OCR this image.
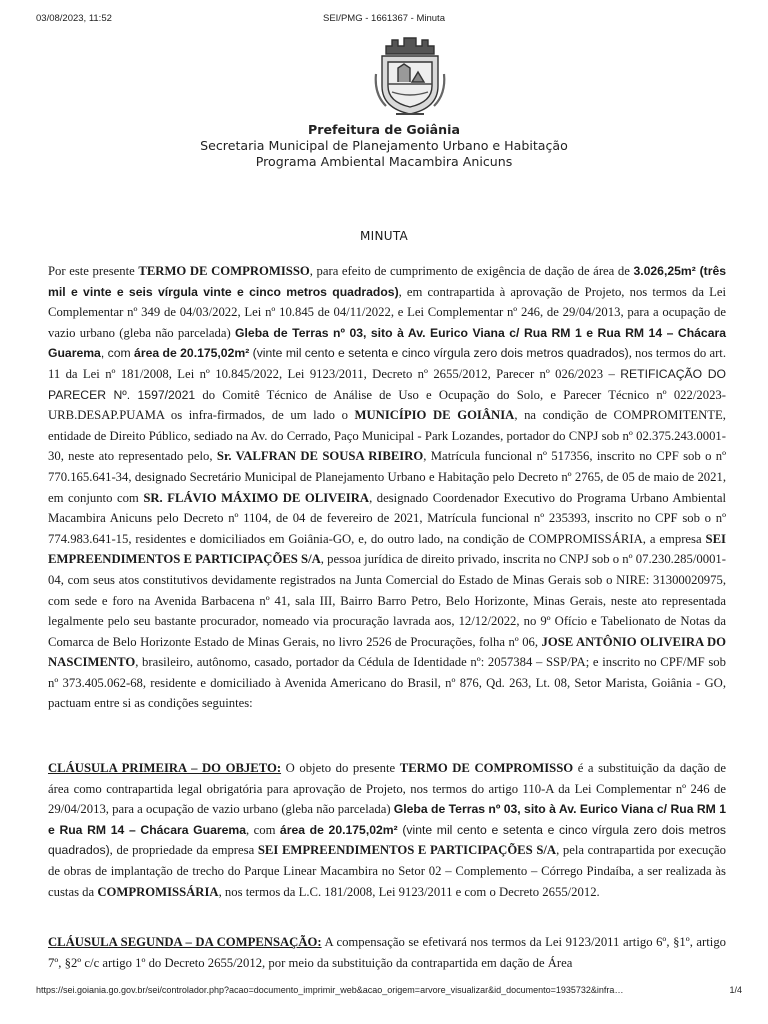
03/08/2023, 11:52	SEI/PMG - 1661367 - Minuta
Prefeitura de Goiânia
Secretaria Municipal de Planejamento Urbano e Habitação
Programa Ambiental Macambira Anicuns
MINUTA
Por este presente TERMO DE COMPROMISSO, para efeito de cumprimento de exigência de dação de área de 3.026,25m² (três mil e vinte e seis vírgula vinte e cinco metros quadrados), em contrapartida à aprovação de Projeto, nos termos da Lei Complementar nº 349 de 04/03/2022, Lei nº 10.845 de 04/11/2022, e Lei Complementar nº 246, de 29/04/2013, para a ocupação de vazio urbano (gleba não parcelada) Gleba de Terras nº 03, sito à Av. Eurico Viana c/ Rua RM 1 e Rua RM 14 – Chácara Guarema, com área de 20.175,02m² (vinte mil cento e setenta e cinco vírgula zero dois metros quadrados), nos termos do art. 11 da Lei nº 181/2008, Lei nº 10.845/2022, Lei 9123/2011, Decreto nº 2655/2012, Parecer nº 026/2023 – RETIFICAÇÃO DO PARECER Nº. 1597/2021 do Comitê Técnico de Análise de Uso e Ocupação do Solo, e Parecer Técnico nº 022/2023-URB.DESAP.PUAMA os infra-firmados, de um lado o MUNICÍPIO DE GOIÂNIA, na condição de COMPROMITENTE, entidade de Direito Público, sediado na Av. do Cerrado, Paço Municipal - Park Lozandes, portador do CNPJ sob nº 02.375.243.0001-30, neste ato representado pelo, Sr. VALFRAN DE SOUSA RIBEIRO, Matrícula funcional nº 517356, inscrito no CPF sob o nº 770.165.641-34, designado Secretário Municipal de Planejamento Urbano e Habitação pelo Decreto nº 2765, de 05 de maio de 2021, em conjunto com SR. FLÁVIO MÁXIMO DE OLIVEIRA, designado Coordenador Executivo do Programa Urbano Ambiental Macambira Anicuns pelo Decreto nº 1104, de 04 de fevereiro de 2021, Matrícula funcional nº 235393, inscrito no CPF sob o nº 774.983.641-15, residentes e domiciliados em Goiânia-GO, e, do outro lado, na condição de COMPROMISSÁRIA, a empresa SEI EMPREENDIMENTOS E PARTICIPAÇÕES S/A, pessoa jurídica de direito privado, inscrita no CNPJ sob o nº 07.230.285/0001-04, com seus atos constitutivos devidamente registrados na Junta Comercial do Estado de Minas Gerais sob o NIRE: 31300020975, com sede e foro na Avenida Barbacena nº 41, sala III, Bairro Barro Petro, Belo Horizonte, Minas Gerais, neste ato representada legalmente pelo seu bastante procurador, nomeado via procuração lavrada aos, 12/12/2022, no 9º Ofício e Tabelionato de Notas da Comarca de Belo Horizonte Estado de Minas Gerais, no livro 2526 de Procurações, folha nº 06, JOSE ANTÔNIO OLIVEIRA DO NASCIMENTO, brasileiro, autônomo, casado, portador da Cédula de Identidade nº: 2057384 – SSP/PA; e inscrito no CPF/MF sob nº 373.405.062-68, residente e domiciliado à Avenida Americano do Brasil, nº 876, Qd. 263, Lt. 08, Setor Marista, Goiânia - GO, pactuam entre si as condições seguintes:
CLÁUSULA PRIMEIRA – DO OBJETO: O objeto do presente TERMO DE COMPROMISSO é a substituição da dação de área como contrapartida legal obrigatória para aprovação de Projeto, nos termos do artigo 110-A da Lei Complementar nº 246 de 29/04/2013, para a ocupação de vazio urbano (gleba não parcelada) Gleba de Terras nº 03, sito à Av. Eurico Viana c/ Rua RM 1 e Rua RM 14 – Chácara Guarema, com área de 20.175,02m² (vinte mil cento e setenta e cinco vírgula zero dois metros quadrados), de propriedade da empresa SEI EMPREENDIMENTOS E PARTICIPAÇÕES S/A, pela contrapartida por execução de obras de implantação de trecho do Parque Linear Macambira no Setor 02 – Complemento – Córrego Pindaíba, a ser realizada às custas da COMPROMISSÁRIA, nos termos da L.C. 181/2008, Lei 9123/2011 e com o Decreto 2655/2012.
CLÁUSULA SEGUNDA – DA COMPENSAÇÃO: A compensação se efetivará nos termos da Lei 9123/2011 artigo 6º, §1º, artigo 7º, §2º c/c artigo 1º do Decreto 2655/2012, por meio da substituição da contrapartida em dação de Área
https://sei.goiania.go.gov.br/sei/controlador.php?acao=documento_imprimir_web&acao_origem=arvore_visualizar&id_documento=1935732&infra…	1/4
